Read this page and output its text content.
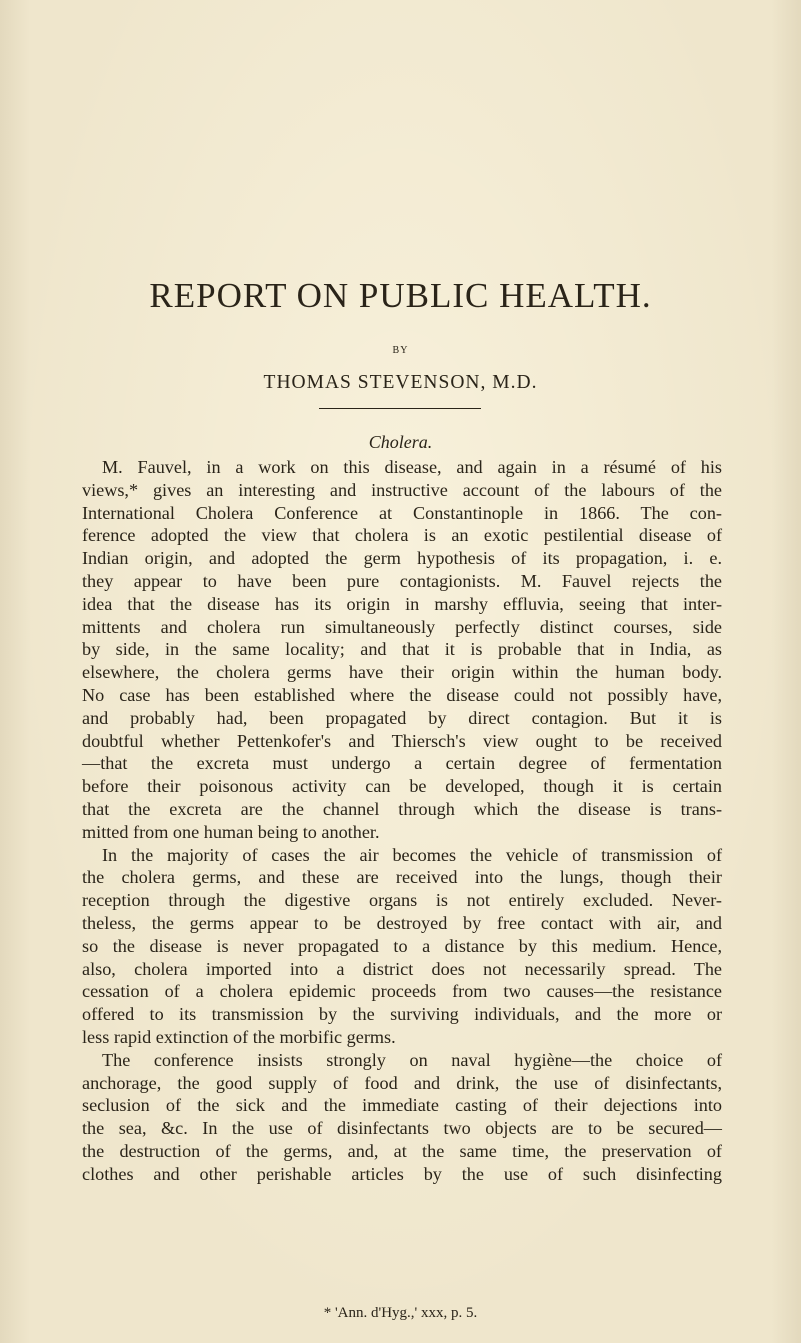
REPORT ON PUBLIC HEALTH.
BY
THOMAS STEVENSON, M.D.
Cholera.
M. Fauvel, in a work on this disease, and again in a résumé of his
views,* gives an interesting and instructive account of the labours of the
International Cholera Conference at Constantinople in 1866. The con-
ference adopted the view that cholera is an exotic pestilential disease of
Indian origin, and adopted the germ hypothesis of its propagation, i. e.
they appear to have been pure contagionists. M. Fauvel rejects the
idea that the disease has its origin in marshy effluvia, seeing that inter-
mittents and cholera run simultaneously perfectly distinct courses, side
by side, in the same locality; and that it is probable that in India, as
elsewhere, the cholera germs have their origin within the human body.
No case has been established where the disease could not possibly have,
and probably had, been propagated by direct contagion. But it is
doubtful whether Pettenkofer's and Thiersch's view ought to be received
—that the excreta must undergo a certain degree of fermentation
before their poisonous activity can be developed, though it is certain
that the excreta are the channel through which the disease is trans-
mitted from one human being to another.
In the majority of cases the air becomes the vehicle of transmission of
the cholera germs, and these are received into the lungs, though their
reception through the digestive organs is not entirely excluded. Never-
theless, the germs appear to be destroyed by free contact with air, and
so the disease is never propagated to a distance by this medium. Hence,
also, cholera imported into a district does not necessarily spread. The
cessation of a cholera epidemic proceeds from two causes—the resistance
offered to its transmission by the surviving individuals, and the more or
less rapid extinction of the morbific germs.
The conference insists strongly on naval hygiène—the choice of
anchorage, the good supply of food and drink, the use of disinfectants,
seclusion of the sick and the immediate casting of their dejections into
the sea, &c. In the use of disinfectants two objects are to be secured—
the destruction of the germs, and, at the same time, the preservation of
clothes and other perishable articles by the use of such disinfecting
* 'Ann. d'Hyg.,' xxx, p. 5.
